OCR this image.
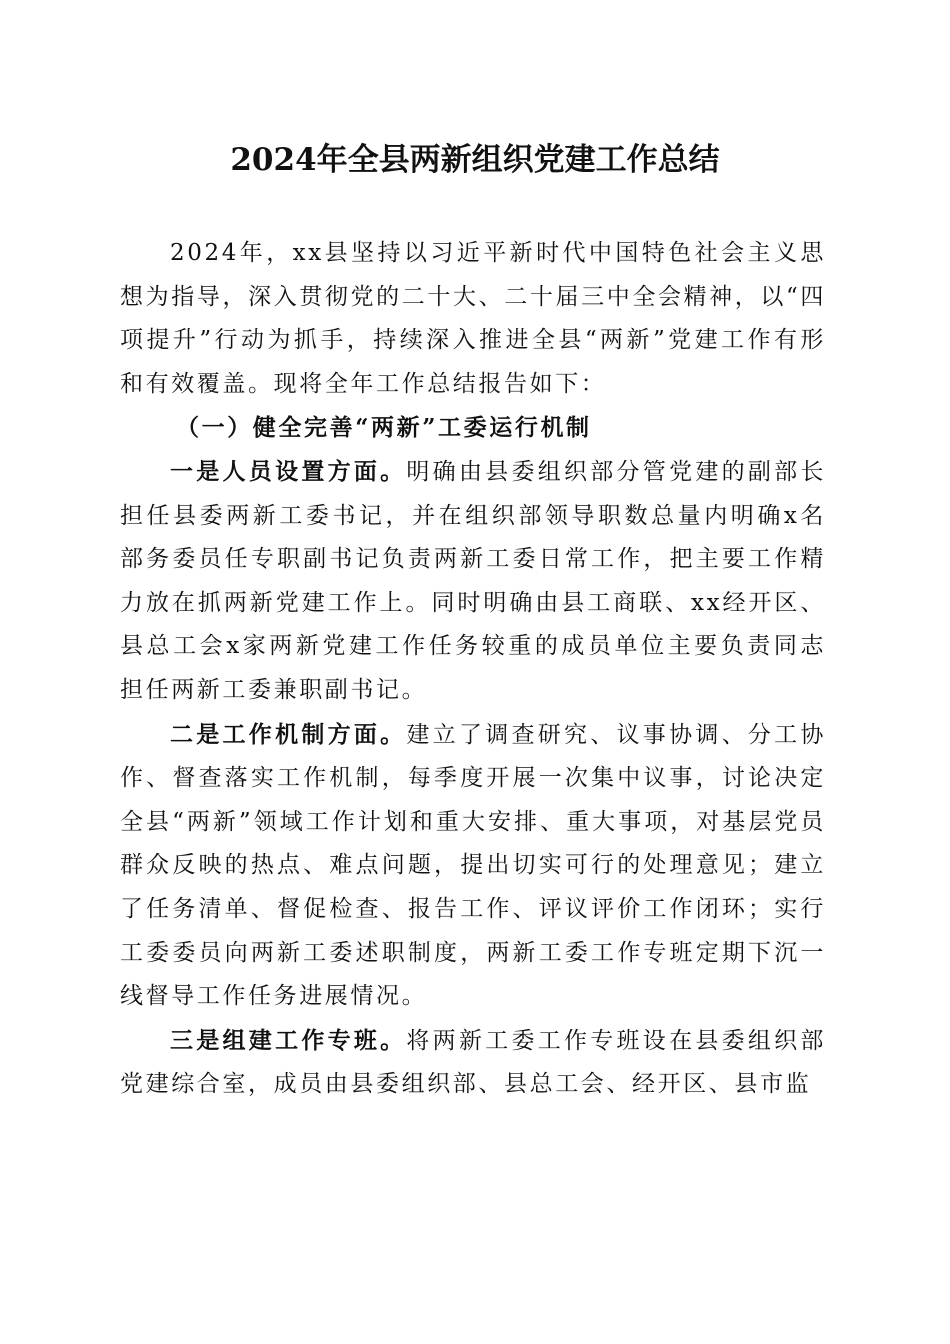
2024年全县两新组织党建工作总结

2024年，xx县坚持以习近平新时代中国特色社会主义思想为指导，深入贯彻党的二十大、二十届三中全会精神，以“四项提升”行动为抓手，持续深入推进全县“两新”党建工作有形和有效覆盖。现将全年工作总结报告如下：

（一）健全完善“两新”工委运行机制

一是人员设置方面。明确由县委组织部分管党建的副部长担任县委两新工委书记，并在组织部领导职数总量内明确x名部务委员任专职副书记负责两新工委日常工作，把主要工作精力放在抓两新党建工作上。同时明确由县工商联、xx经开区、县总工会x家两新党建工作任务较重的成员单位主要负责同志担任两新工委兼职副书记。

二是工作机制方面。建立了调查研究、议事协调、分工协作、督查落实工作机制，每季度开展一次集中议事，讨论决定全县“两新”领域工作计划和重大安排、重大事项，对基层党员群众反映的热点、难点问题，提出切实可行的处理意见；建立了任务清单、督促检查、报告工作、评议评价工作闭环；实行工委委员向两新工委述职制度，两新工委工作专班定期下沉一线督导工作任务进展情况。

三是组建工作专班。将两新工委工作专班设在县委组织部党建综合室，成员由县委组织部、县总工会、经开区、县市监
